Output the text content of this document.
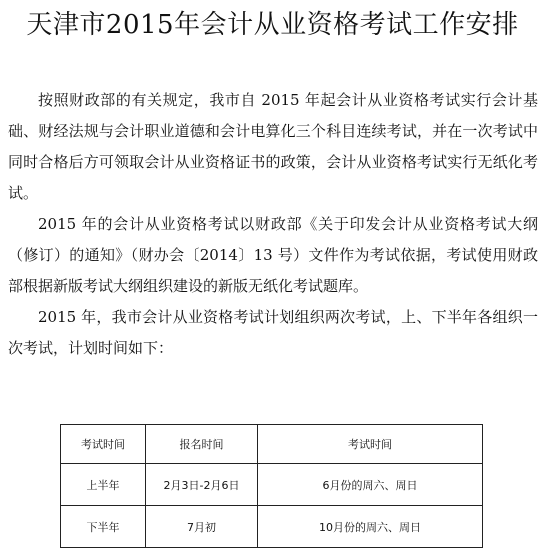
天津市2015年会计从业资格考试工作安排

按照财政部的有关规定，我市自 2015 年起会计从业资格考试实行会计基础、财经法规与会计职业道德和会计电算化三个科目连续考试，并在一次考试中同时合格后方可领取会计从业资格证书的政策，会计从业资格考试实行无纸化考试。

2015 年的会计从业资格考试以财政部《关于印发会计从业资格考试大纲（修订）的通知》（财办会〔2014〕13 号）文件作为考试依据，考试使用财政部根据新版考试大纲组织建设的新版无纸化考试题库。

2015 年，我市会计从业资格考试计划组织两次考试，上、下半年各组织一次考试，计划时间如下：

考试时间	报名时间	考试时间
上半年	2月3日-2月6日	6月份的周六、周日
下半年	7月初	10月份的周六、周日
